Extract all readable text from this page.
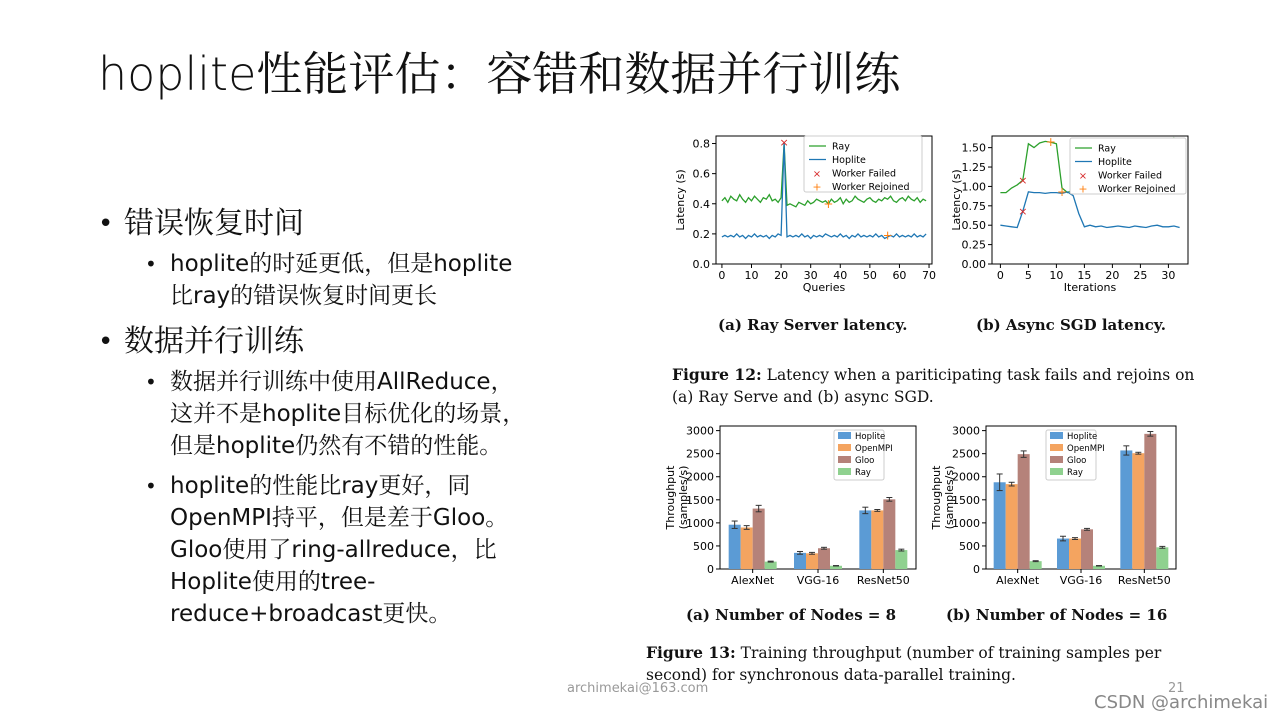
hoplite性能评估：容错和数据并行训练
• 错误恢复时间
• hoplite的时延更低，但是hoplite
比ray的错误恢复时间更长
• 数据并行训练
• 数据并行训练中使用AllReduce，
这并不是hoplite目标优化的场景，
但是hoplite仍然有不错的性能。
• hoplite的性能比ray更好，同
OpenMPI持平，但是差于Gloo。
Gloo使用了ring-allreduce，比
Hoplite使用的tree-
reduce+broadcast更快。
0 10 20 30 40 50 60 70
0.0
0.2
0.4
0.6
0.8
Queries
Latency (s)
×
+
+
Ray
Hoplite
× Worker Failed
+ Worker Rejoined
0 5 10 15 20 25 30
0.00
0.25
0.50
0.75
1.00
1.25
1.50
Iterations
Latency (s)	×
×
+
+
Ray
Hoplite
× Worker Failed
+ Worker Rejoined
(a) Ray Server latency.	(b) Async SGD latency.
Figure 12: Latency when a pariticipating task fails and rejoins on (a) Ray Serve and (b) async SGD.
0
500
1000
1500
2000
2500
3000
Throughput (samples/s)
AlexNet VGG-16 ResNet50
Hoplite
OpenMPI
Gloo
Ray
0
500
1000
1500
2000
2500
3000
Throughput (samples/s)
AlexNet VGG-16 ResNet50
Hoplite
OpenMPI
Gloo
Ray
(a) Number of Nodes = 8	(b) Number of Nodes = 16
Figure 13: Training throughput (number of training samples per second) for synchronous data-parallel training.
archimekai@163.com	21
CSDN @archimekai
